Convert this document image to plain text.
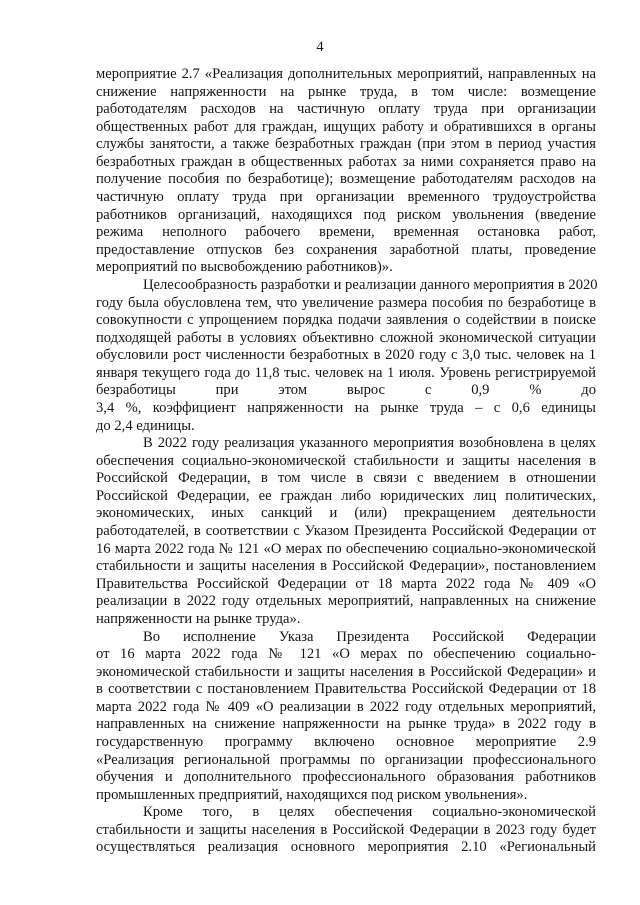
4
мероприятие 2.7 «Реализация дополнительных мероприятий, направленных на
снижение напряженности на рынке труда, в том числе: возмещение
работодателям расходов на частичную оплату труда при организации
общественных работ для граждан, ищущих работу и обратившихся в органы
службы занятости, а также безработных граждан (при этом в период участия
безработных граждан в общественных работах за ними сохраняется право на
получение пособия по безработице); возмещение работодателям расходов на
частичную оплату труда при организации временного трудоустройства
работников организаций, находящихся под риском увольнения (введение
режима неполного рабочего времени, временная остановка работ,
предоставление отпусков без сохранения заработной платы, проведение
мероприятий по высвобождению работников)».
Целесообразность разработки и реализации данного мероприятия в 2020
году была обусловлена тем, что увеличение размера пособия по безработице в
совокупности с упрощением порядка подачи заявления о содействии в поиске
подходящей работы в условиях объективно сложной экономической ситуации
обусловили рост численности безработных в 2020 году с 3,0 тыс. человек на 1
января текущего года до 11,8 тыс. человек на 1 июля. Уровень регистрируемой
безработицы при этом вырос с 0,9 % до
3,4 %, коэффициент напряженности на рынке труда – с 0,6 единицы
до 2,4 единицы.
В 2022 году реализация указанного мероприятия возобновлена в целях
обеспечения социально-экономической стабильности и защиты населения в
Российской Федерации, в том числе в связи с введением в отношении
Российской Федерации, ее граждан либо юридических лиц политических,
экономических, иных санкций и (или) прекращением деятельности
работодателей, в соответствии с Указом Президента Российской Федерации от
16 марта 2022 года № 121 «О мерах по обеспечению социально-экономической
стабильности и защиты населения в Российской Федерации», постановлением
Правительства Российской Федерации от 18 марта 2022 года № 409 «О
реализации в 2022 году отдельных мероприятий, направленных на снижение
напряженности на рынке труда».
Во исполнение Указа Президента Российской Федерации
от 16 марта 2022 года № 121 «О мерах по обеспечению социально-
экономической стабильности и защиты населения в Российской Федерации» и
в соответствии с постановлением Правительства Российской Федерации от 18
марта 2022 года № 409 «О реализации в 2022 году отдельных мероприятий,
направленных на снижение напряженности на рынке труда» в 2022 году в
государственную программу включено основное мероприятие 2.9
«Реализация региональной программы по организации профессионального
обучения и дополнительного профессионального образования работников
промышленных предприятий, находящихся под риском увольнения».
Кроме того, в целях обеспечения социально-экономической
стабильности и защиты населения в Российской Федерации в 2023 году будет
осуществляться реализация основного мероприятия 2.10 «Региональный
